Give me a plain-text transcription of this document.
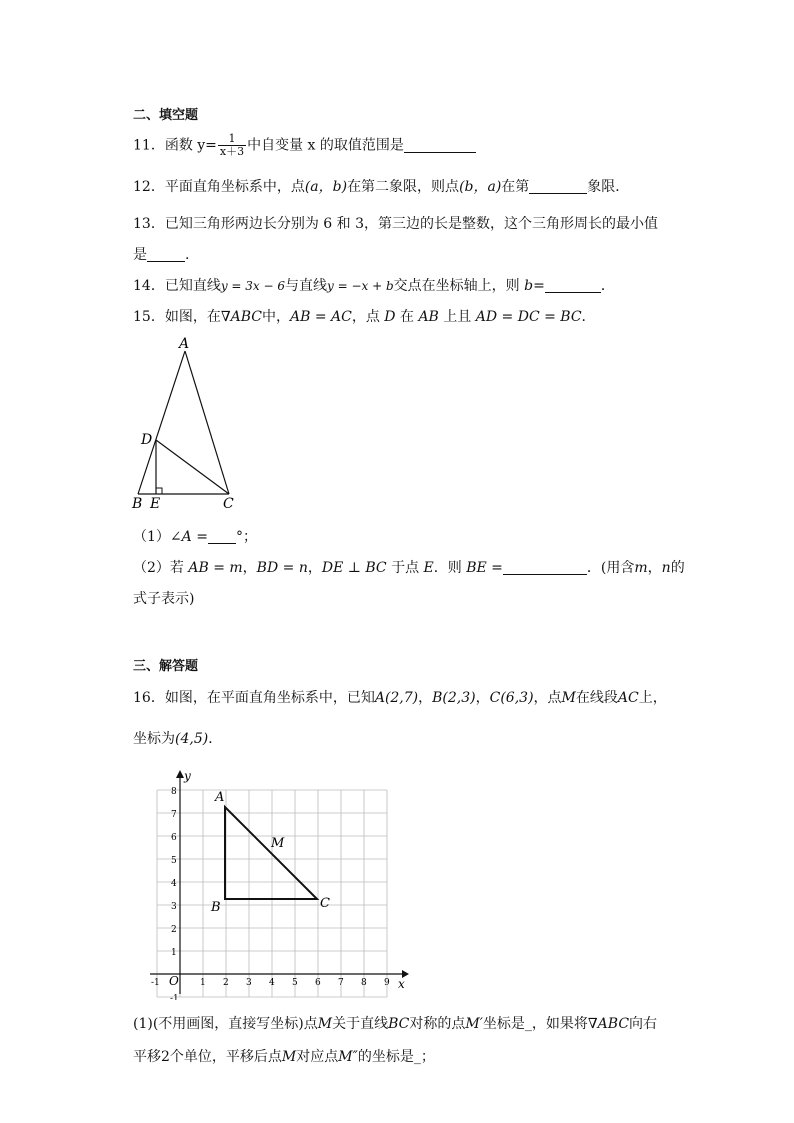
二、填空题
11．函数 $y= \frac{1}{x+3}$ 中自变量 x 的取值范围是
12．平面直角坐标系中，点(a，b)在第二象限，则点(b，a)在第	象限．
13．已知三角形两边长分别为 6 和 3，第三边的长是整数，这个三角形周长的最小值
是	.
14．已知直线y = 3x − 6与直线y = −x + b交点在坐标轴上，则 b=	．
15．如图，在∇ABC中，AB = AC，点 D 在 AB 上且 AD = DC = BC．
A
D
B E	C
（1）∠A = °；
（2）若 AB = m，BD = n，DE ⊥ BC 于点 E．则 BE =	．(用含m，n的
式子表示)
三、解答题
16．如图，在平面直角坐标系中，已知A(2,7)，B(2,3)，C(6,3)，点M在线段AC上，
坐标为(4,5)．
x
y
O
-1	1 2 3 4 5 6 7 8 9
-1
1
2
3
4
5
6
7
8	A
B	C
M
(1)(不用画图，直接写坐标)点M关于直线BC对称的点M′坐标是_，如果将∇ABC向右
平移2个单位，平移后点M对应点M″的坐标是_；
